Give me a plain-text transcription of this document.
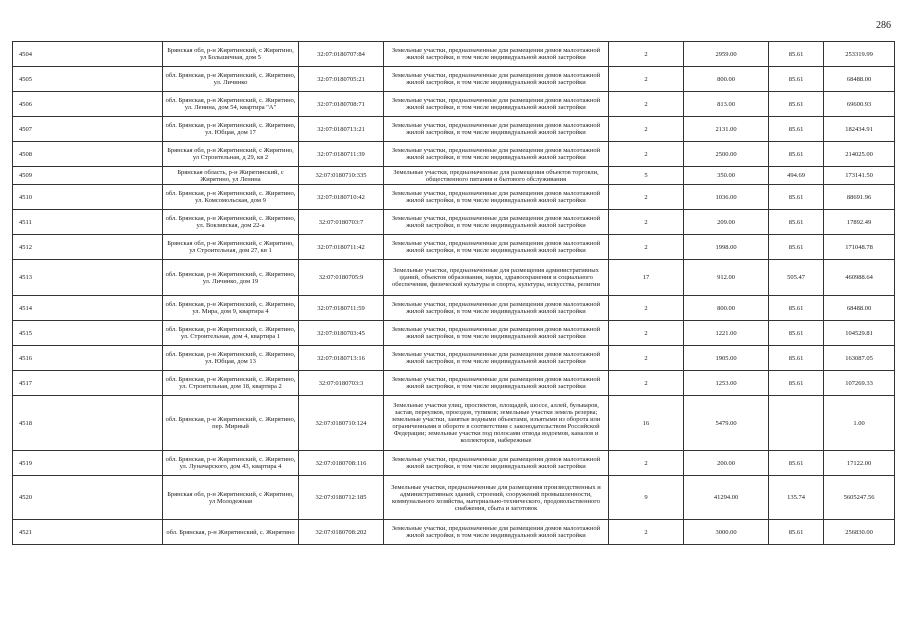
286
4504	Брянская обл, р-н Жирятинский, с Жирятино, ул Большичная, дом 5	32:07:0180707:84	Земельные участки, предназначенные для размещения домов малоэтажной жилой застройки, в том числе индивидуальной жилой застройки	2	2959.00	85.61	253319.99
4505	обл. Брянская, р-н Жирятинский, с. Жирятино, ул. Личинко	32:07:0180705:21	Земельные участки, предназначенные для размещения домов малоэтажной жилой застройки, в том числе индивидуальной жилой застройки	2	800.00	85.61	68488.00
4506	обл. Брянская, р-н Жирятинский, с. Жирятино, ул. Ленина, дом 54, квартира "А"	32:07:0180708:71	Земельные участки, предназначенные для размещения домов малоэтажной жилой застройки, в том числе индивидуальной жилой застройки	2	813.00	85.61	69600.93
4507	обл. Брянская, р-н Жирятинский, с. Жирятино, ул. Юбцая, дом 17	32:07:0180713:21	Земельные участки, предназначенные для размещения домов малоэтажной жилой застройки, в том числе индивидуальной жилой застройки	2	2131.00	85.61	182434.91
4508	Брянская обл, р-н Жирятинский, с Жирятино, ул Строительная, д 29, кв 2	32:07:0180711:39	Земельные участки, предназначенные для размещения домов малоэтажной жилой застройки, в том числе индивидуальной жилой застройки	2	2500.00	85.61	214025.00
4509	Брянская область, р-н Жирятинский, с Жирятино, ул Ленина	32:07:0180710:335	Земельные участки, предназначенные для размещения объектов торговли, общественного питания и бытового обслуживания	5	350.00	494.69	173141.50
4510	обл. Брянская, р-н Жирятинский, с. Жирятино, ул. Комсомольская, дом 9	32:07:0180710:42	Земельные участки, предназначенные для размещения домов малоэтажной жилой застройки, в том числе индивидуальной жилой застройки	2	1036.00	85.61	88691.96
4511	обл. Брянская, р-н Жирятинский, с. Жирятино, ул. Вокзивская, дом 22-а	32:07:0180703:7	Земельные участки, предназначенные для размещения домов малоэтажной жилой застройки, в том числе индивидуальной жилой застройки	2	209.00	85.61	17892.49
4512	Брянская обл, р-н Жирятинский, с Жирятино, ул Строительная, дом 27, кв 1	32:07:0180711:42	Земельные участки, предназначенные для размещения домов малоэтажной жилой застройки, в том числе индивидуальной жилой застройки	2	1998.00	85.61	171048.78
4513	обл. Брянская, р-н Жирятинский, с. Жирятино, ул. Личинко, дом 19	32:07:0180705:9	Земельные участки, предназначенные для размещения административных зданий, объектов образования, науки, здравоохранения и социального обеспечения, физической культуры и спорта, культуры, искусства, религии	17	912.00	505.47	460988.64
4514	обл. Брянская, р-н Жирятинский, с. Жирятино, ул. Мира, дом 9, квартира 4	32:07:0180711:59	Земельные участки, предназначенные для размещения домов малоэтажной жилой застройки, в том числе индивидуальной жилой застройки	2	800.00	85.61	68488.00
4515	обл. Брянская, р-н Жирятинский, с. Жирятино, ул. Строительная, дом 4, квартира 1	32:07:0180703:45	Земельные участки, предназначенные для размещения домов малоэтажной жилой застройки, в том числе индивидуальной жилой застройки	2	1221.00	85.61	104529.81
4516	обл. Брянская, р-н Жирятинский, с. Жирятино, ул. Юбцая, дом 13	32:07:0180713:16	Земельные участки, предназначенные для размещения домов малоэтажной жилой застройки, в том числе индивидуальной жилой застройки	2	1905.00	85.61	163087.05
4517	обл. Брянская, р-н Жирятинский, с. Жирятино, ул. Строительная, дом 18, квартира 2	32:07:0180703:3	Земельные участки, предназначенные для размещения домов малоэтажной жилой застройки, в том числе индивидуальной жилой застройки	2	1253.00	85.61	107269.33
4518	обл. Брянская, р-н Жирятинский, с. Жирятино, пер. Мирный	32:07:0180710:124	Земельные участки улиц, проспектов, площадей, шоссе, аллей, бульваров, застав, переулков, проездов, тупиков; земельные участки земель резерва; земельные участки, занятые водными объектами, изъятыми из оборота или ограниченными в обороте в соответствии с законодательством Российской Федерации; земельные участки под полосами отвода водоемов, каналов и коллекторов, набережные	16	5479.00		1.00
4519	обл. Брянская, р-н Жирятинский, с. Жирятино, ул. Луначарского, дом 43, квартира 4	32:07:0180708:116	Земельные участки, предназначенные для размещения домов малоэтажной жилой застройки, в том числе индивидуальной жилой застройки	2	200.00	85.61	17122.00
4520	Брянская обл, р-н Жирятинский, с Жирятино, ул Молодежная	32:07:0180712:185	Земельные участки, предназначенные для размещения производственных и административных зданий, строений, сооружений промышленности, коммунального хозяйства, материально-технического, продовольственного снабжения, сбыта и заготовок	9	41294.00	135.74	5605247.56
4521	обл. Брянская, р-н Жирятинский, с. Жирятино	32:07:0180708:202	Земельные участки, предназначенные для размещения домов малоэтажной жилой застройки, в том числе индивидуальной жилой застройки	2	3000.00	85.61	256830.00
